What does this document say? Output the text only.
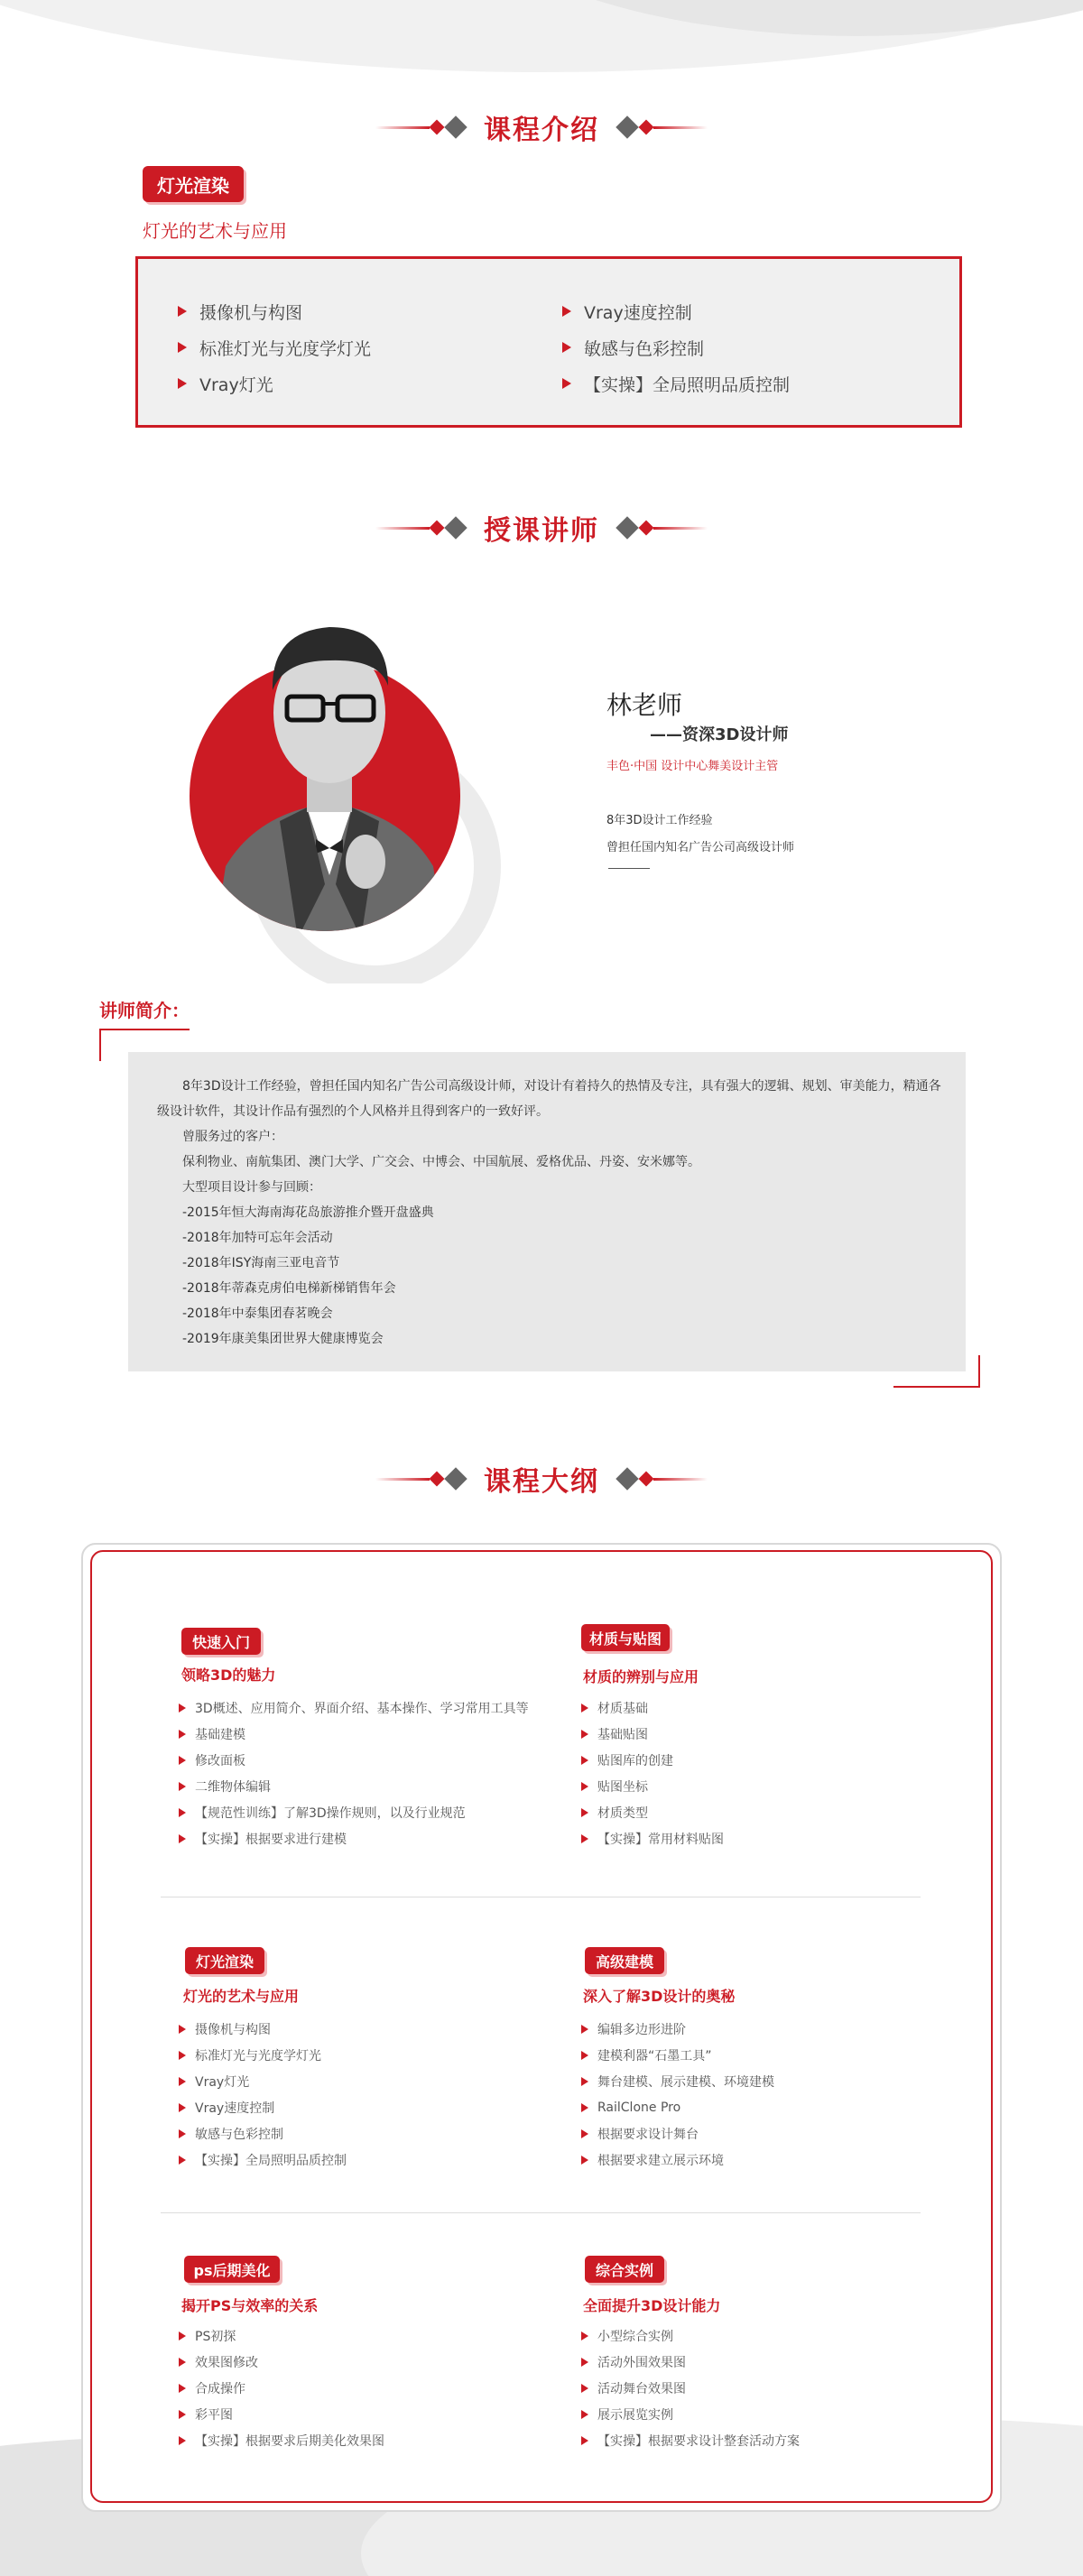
课程介绍
灯光渲染
灯光的艺术与应用
摄像机与构图
标准灯光与光度学灯光
Vray灯光
Vray速度控制
敏感与色彩控制
【实操】全局照明品质控制
授课讲师
林老师
——资深3D设计师
丰色·中国 设计中心舞美设计主管
8年3D设计工作经验
曾担任国内知名广告公司高级设计师
讲师简介：

8年3D设计工作经验，曾担任国内知名广告公司高级设计师，对设计有着持久的热情及专注，具有强大的逻辑、规划、审美能力，精通各级设计软件，其设计作品有强烈的个人风格并且得到客户的一致好评。

曾服务过的客户：

保利物业、南航集团、澳门大学、广交会、中博会、中国航展、爱格优品、丹姿、安米娜等。

大型项目设计参与回顾：

-2015年恒大海南海花岛旅游推介暨开盘盛典

-2018年加特可忘年会活动

-2018年ISY海南三亚电音节

-2018年蒂森克虏伯电梯新梯销售年会

-2018年中泰集团春茗晚会

-2019年康美集团世界大健康博览会

课程大纲
快速入门
领略3D的魅力
3D概述、应用简介、界面介绍、基本操作、学习常用工具等
基础建模
修改面板
二维物体编辑
【规范性训练】了解3D操作规则，以及行业规范
【实操】根据要求进行建模
材质与贴图
材质的辨别与应用
材质基础
基础贴图
贴图库的创建
贴图坐标
材质类型
【实操】常用材料贴图
灯光渲染
灯光的艺术与应用
摄像机与构图
标准灯光与光度学灯光
Vray灯光
Vray速度控制
敏感与色彩控制
【实操】全局照明品质控制
高级建模
深入了解3D设计的奥秘
编辑多边形进阶
建模利器“石墨工具”
舞台建模、展示建模、环境建模
RailClone Pro
根据要求设计舞台
根据要求建立展示环境
ps后期美化
揭开PS与效率的关系
PS初探
效果图修改
合成操作
彩平图
【实操】根据要求后期美化效果图
综合实例
全面提升3D设计能力
小型综合实例
活动外围效果图
活动舞台效果图
展示展览实例
【实操】根据要求设计整套活动方案
